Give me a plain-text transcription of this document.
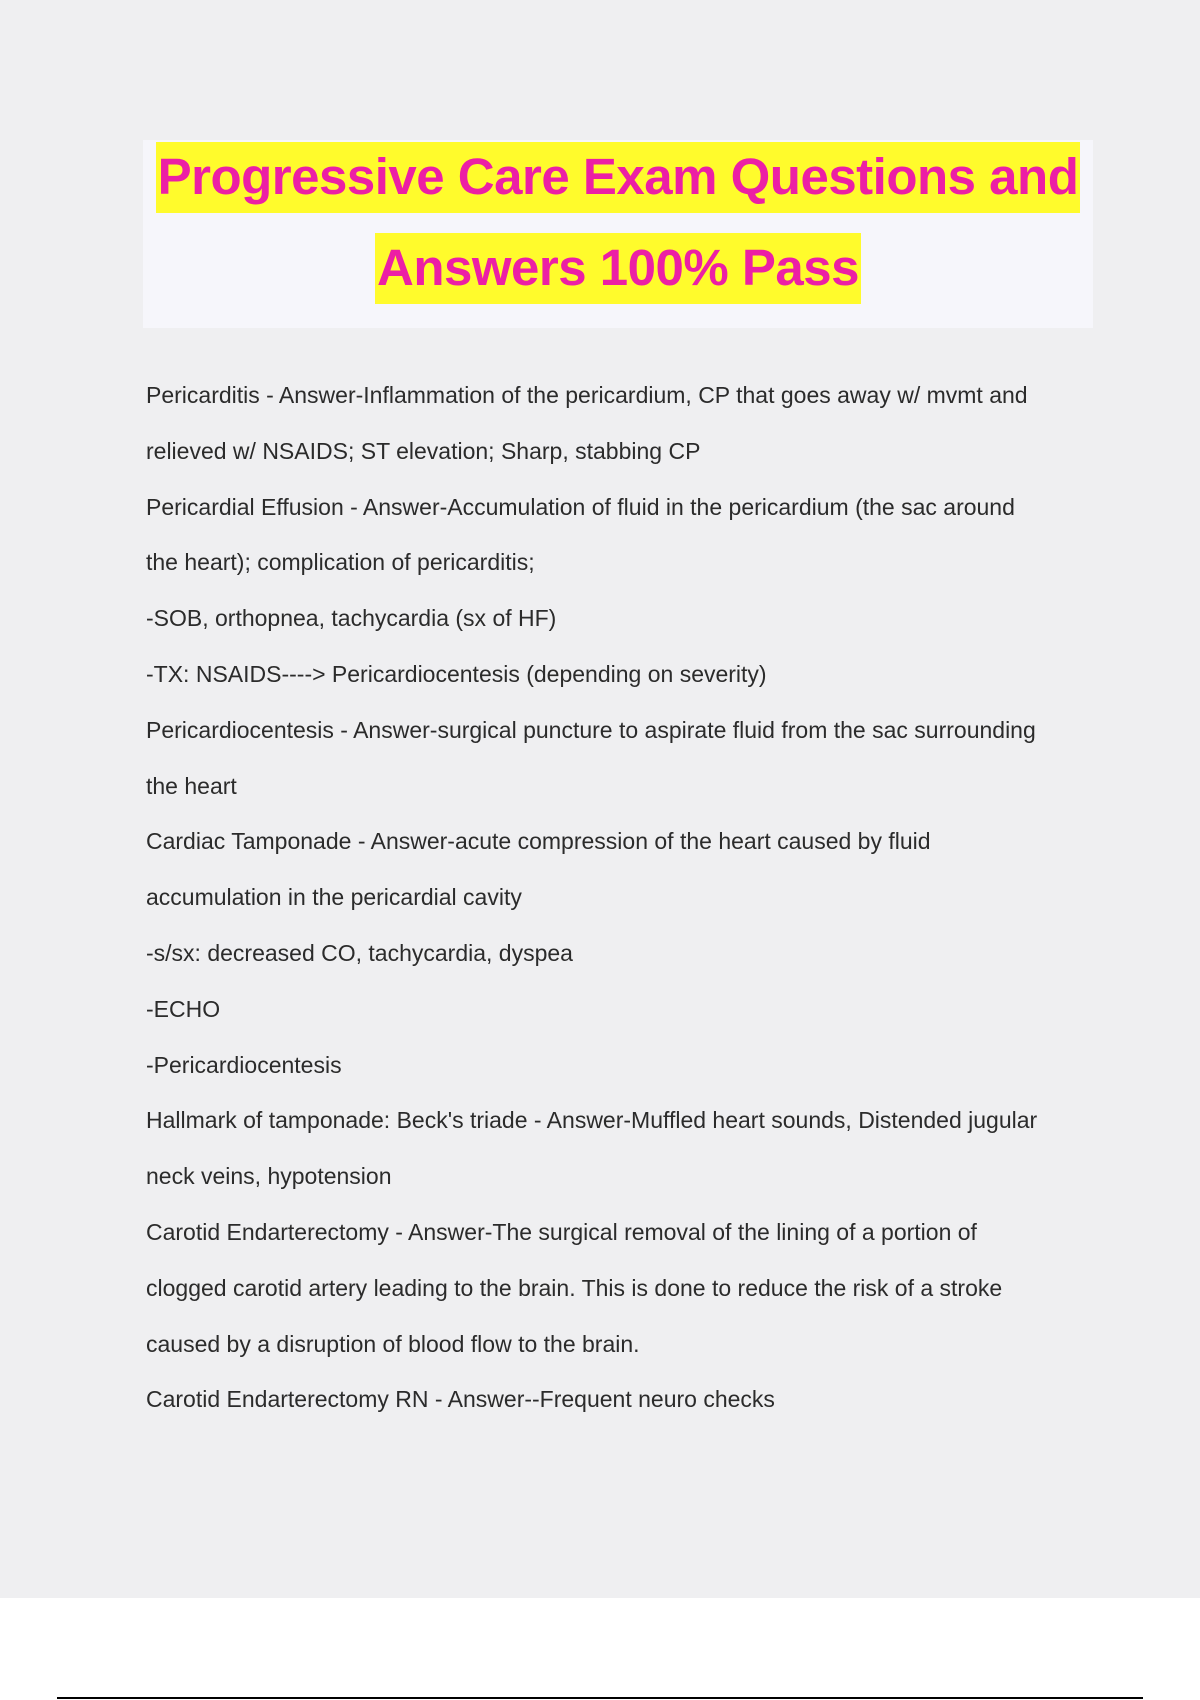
Progressive Care Exam Questions and
Answers 100% Pass
Pericarditis - Answer-Inflammation of the pericardium, CP that goes away w/ mvmt and
relieved w/ NSAIDS; ST elevation; Sharp, stabbing CP
Pericardial Effusion - Answer-Accumulation of fluid in the pericardium (the sac around
the heart); complication of pericarditis;
-SOB, orthopnea, tachycardia (sx of HF)
-TX: NSAIDS----> Pericardiocentesis (depending on severity)
Pericardiocentesis - Answer-surgical puncture to aspirate fluid from the sac surrounding
the heart
Cardiac Tamponade - Answer-acute compression of the heart caused by fluid
accumulation in the pericardial cavity
-s/sx: decreased CO, tachycardia, dyspea
-ECHO
-Pericardiocentesis
Hallmark of tamponade: Beck's triade - Answer-Muffled heart sounds, Distended jugular
neck veins, hypotension
Carotid Endarterectomy - Answer-The surgical removal of the lining of a portion of
clogged carotid artery leading to the brain. This is done to reduce the risk of a stroke
caused by a disruption of blood flow to the brain.
Carotid Endarterectomy RN - Answer--Frequent neuro checks
